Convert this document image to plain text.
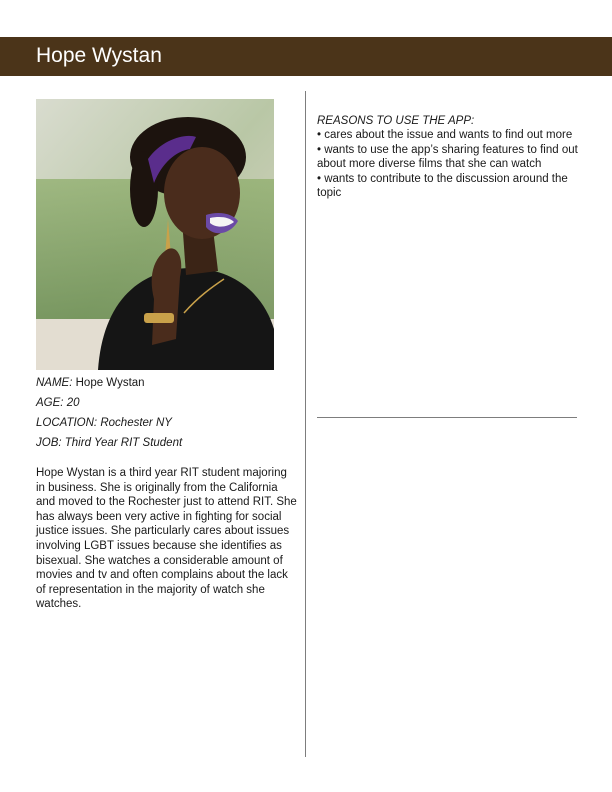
Hope Wystan
NAME: Hope Wystan
AGE: 20
LOCATION: Rochester NY
JOB: Third Year RIT Student
Hope Wystan is a third year RIT student majoring in business. She is originally from the California and moved to the Rochester just to attend RIT. She has always been very active in fighting for social justice issues. She particularly cares about issues involving LGBT issues because she identifies as bisexual. She watches a considerable amount of movies and tv and often complains about the lack of representation in the majority of watch she watches.
REASONS TO USE THE APP:
• cares about the issue and wants to find out more
• wants to use the app’s sharing features to find out about more diverse films that she can watch
• wants to contribute to the discussion around the topic
